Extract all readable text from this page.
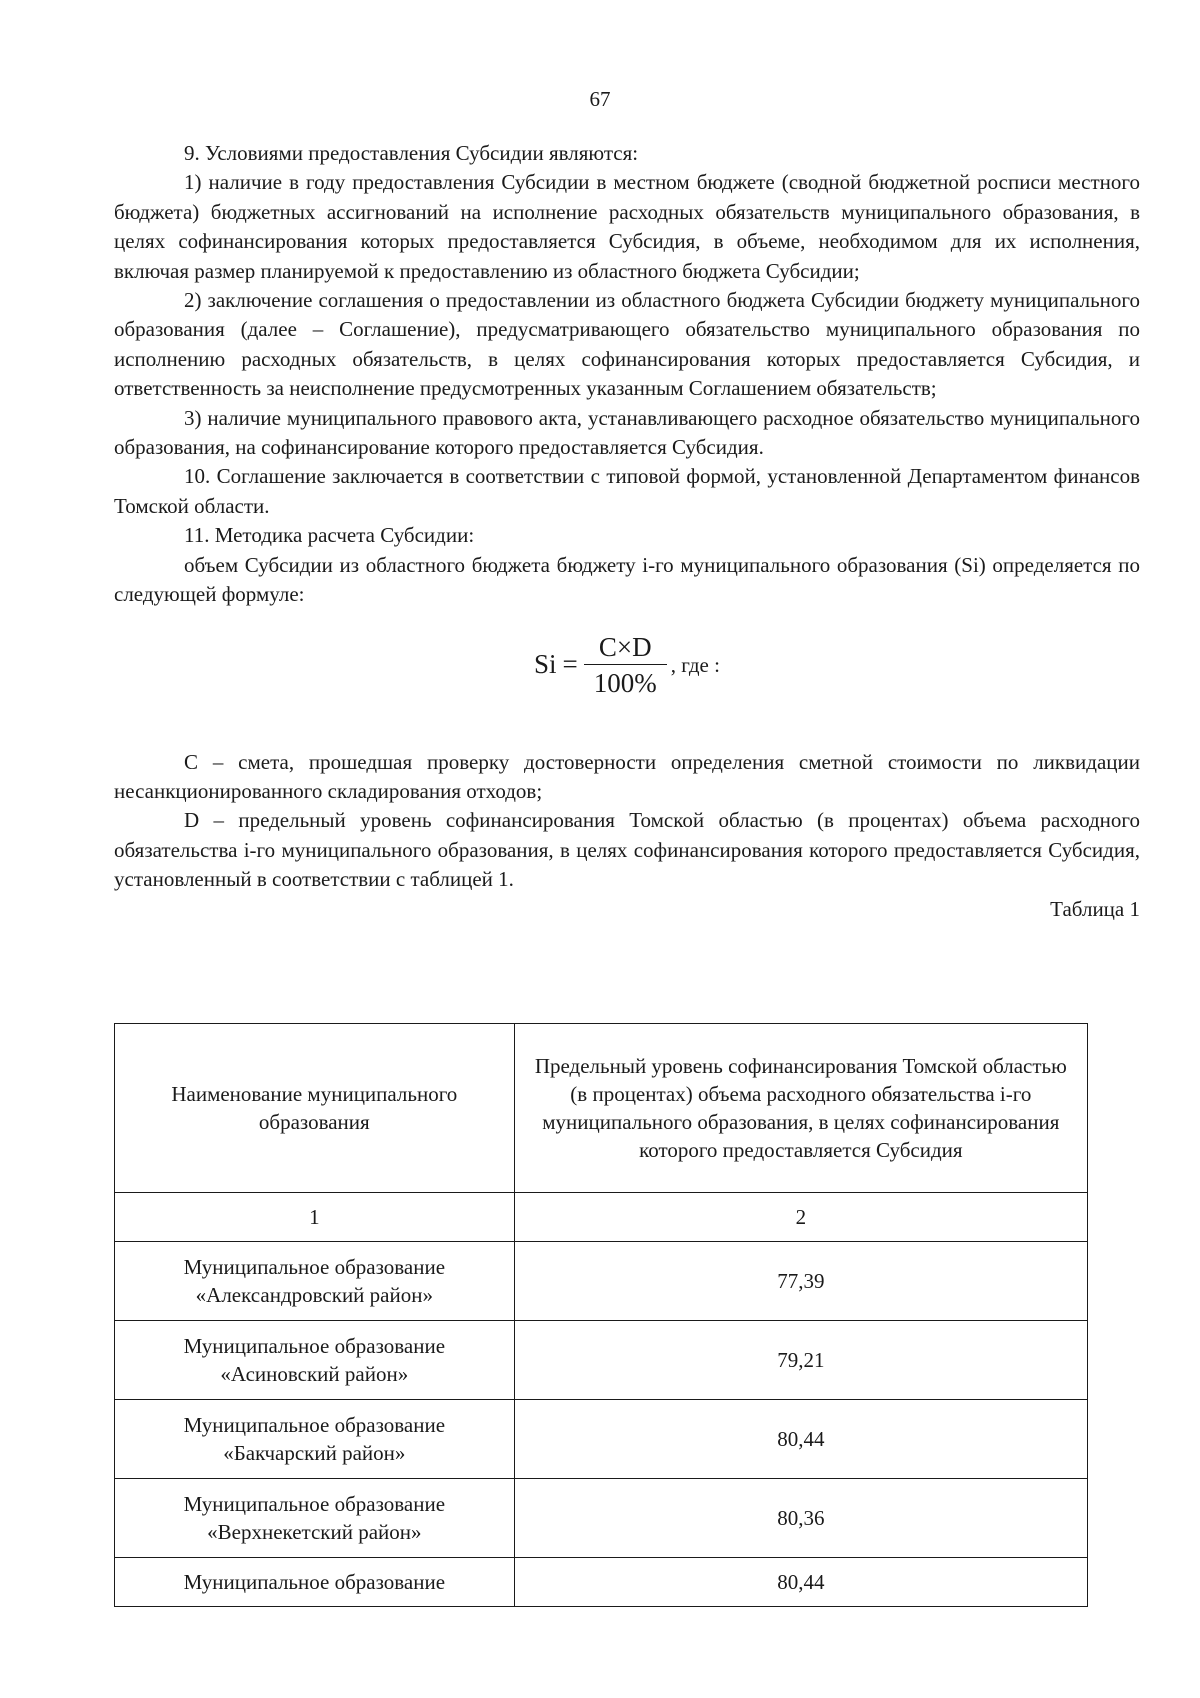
67

9. Условиями предоставления Субсидии являются:

1) наличие в году предоставления Субсидии в местном бюджете (сводной бюджетной росписи местного бюджета) бюджетных ассигнований на исполнение расходных обязательств муниципального образования, в целях софинансирования которых предоставляется Субсидия, в объеме, необходимом для их исполнения, включая размер планируемой к предоставлению из областного бюджета Субсидии;

2) заключение соглашения о предоставлении из областного бюджета Субсидии бюджету муниципального образования (далее – Соглашение), предусматривающего обязательство муниципального образования по исполнению расходных обязательств, в целях софинансирования которых предоставляется Субсидия, и ответственность за неисполнение предусмотренных указанным Соглашением обязательств;

3) наличие муниципального правового акта, устанавливающего расходное обязательство муниципального образования, на софинансирование которого предоставляется Субсидия.

10. Соглашение заключается в соответствии с типовой формой, установленной Департаментом финансов Томской области.

11. Методика расчета Субсидии:

объем Субсидии из областного бюджета бюджету i-го муниципального образования (Si) определяется по следующей формуле:

$Si = \frac{C\times D}{100\%}$ , где :

C – смета, прошедшая проверку достоверности определения сметной стоимости по ликвидации несанкционированного складирования отходов;

D – предельный уровень софинансирования Томской областью (в процентах) объема расходного обязательства i-го муниципального образования, в целях софинансирования которого предоставляется Субсидия, установленный в соответствии с таблицей 1.

Таблица 1

Наименование муниципального образования	Предельный уровень софинансирования Томской областью (в процентах) объема расходного обязательства i-го муниципального образования, в целях софинансирования которого предоставляется Субсидия
1	2
Муниципальное образование
«Александровский район»	77,39
Муниципальное образование
«Асиновский район»	79,21
Муниципальное образование
«Бакчарский район»	80,44
Муниципальное образование
«Верхнекетский район»	80,36
Муниципальное образование	80,44
